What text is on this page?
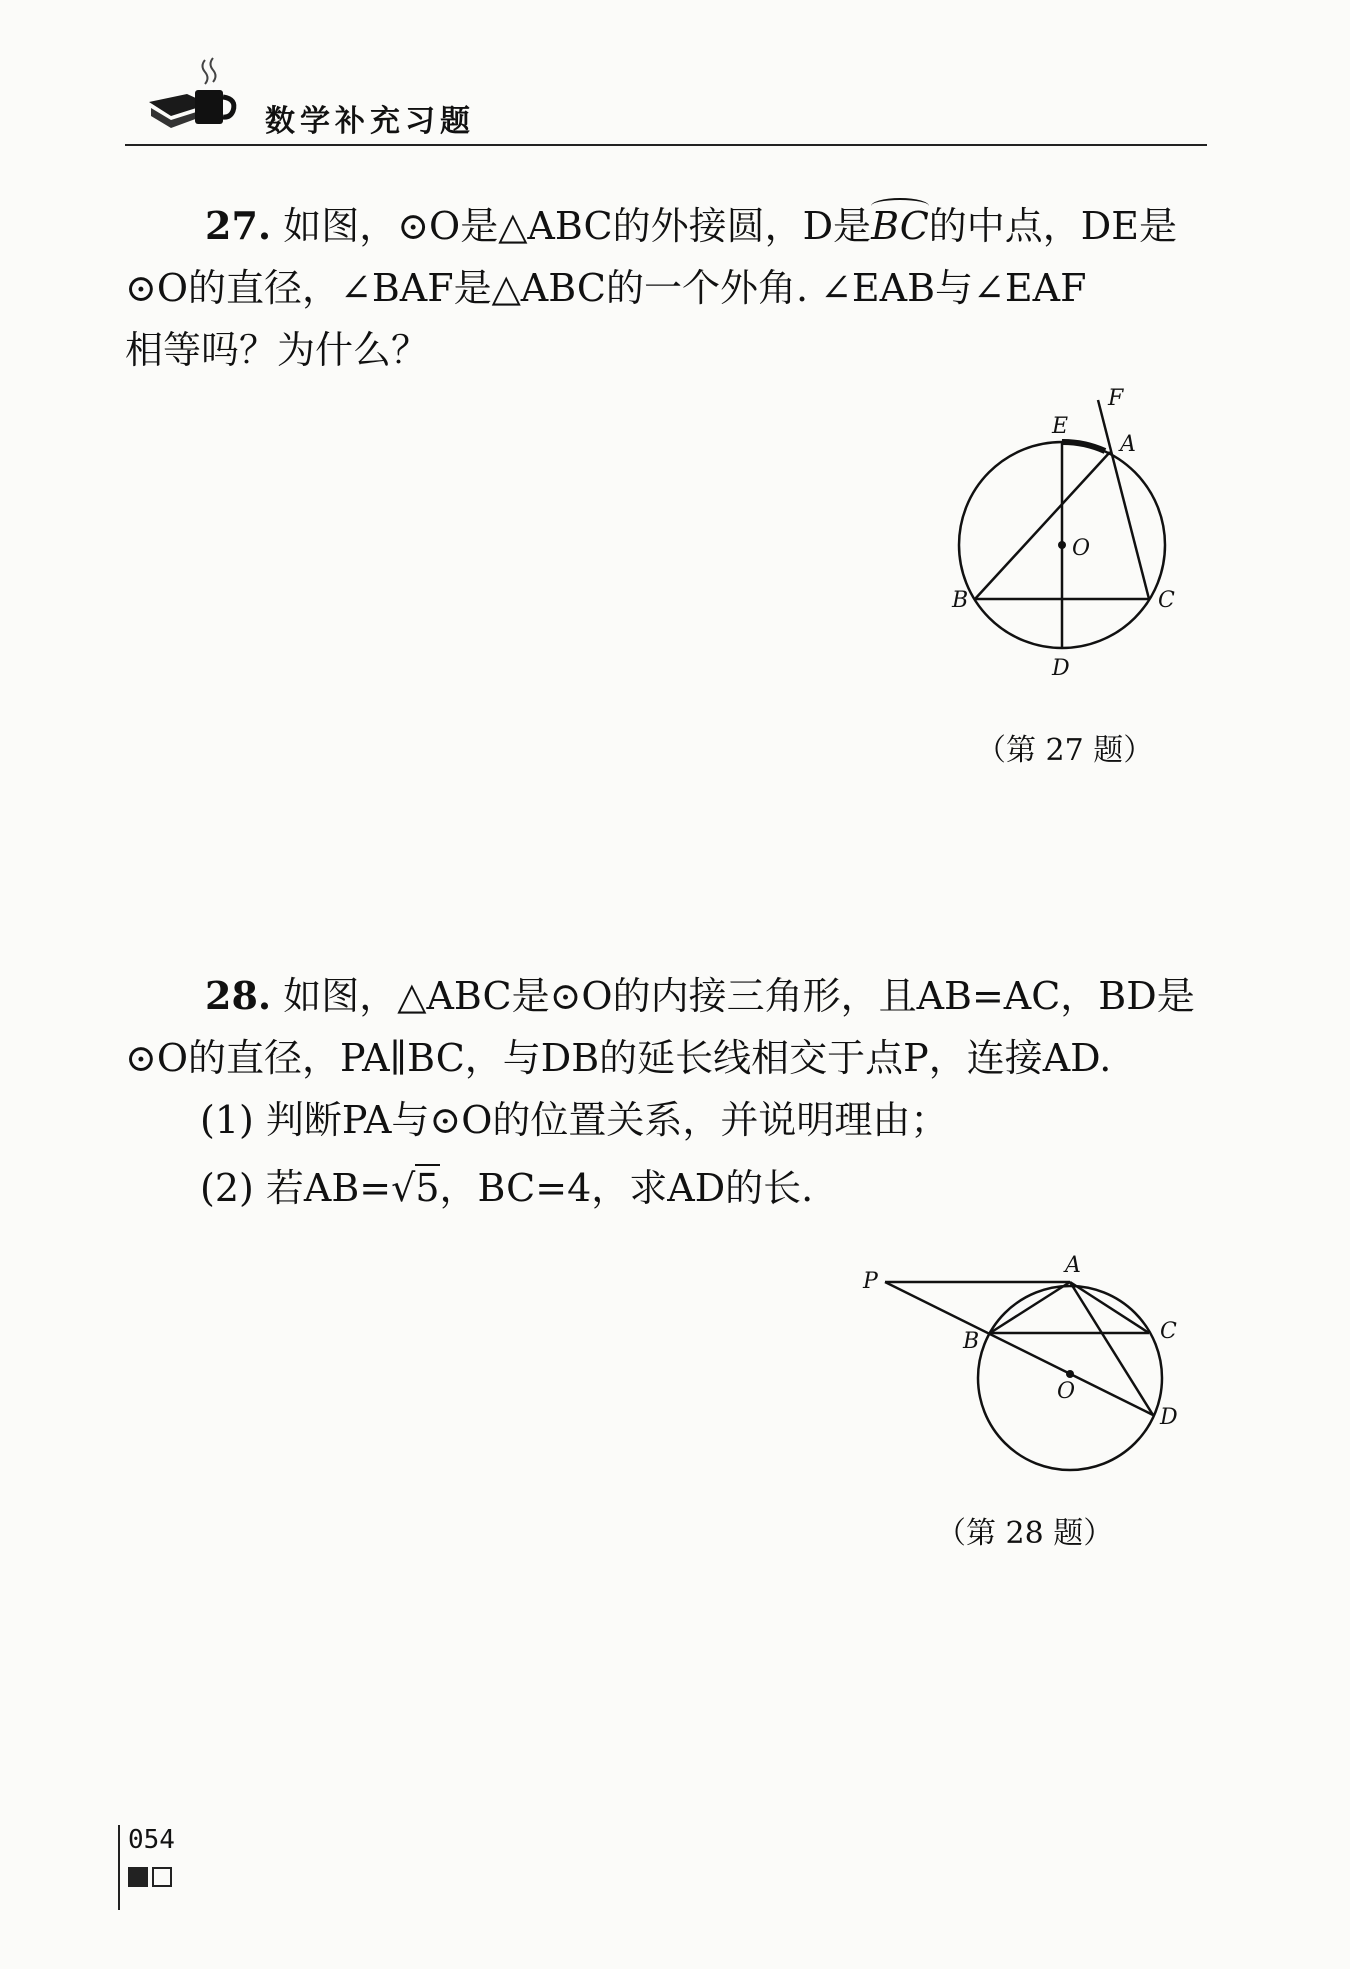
数学补充习题

27. 如图，⊙O是△ABC的外接圆，D是
BC的中点，DE是

⊙O的直径，∠BAF是△ABC的一个外角. ∠EAB与∠EAF

相等吗？为什么？

E
F
A
O
B	C
D
（第 27 题）

28. 如图，△ABC是⊙O的内接三角形，且AB=AC，BD是

⊙O的直径，PA∥BC，与DB的延长线相交于点P，连接AD.

(1) 判断PA与⊙O的位置关系，并说明理由；
(2) 若AB=√5，BC=4，求AD的长.
P
A
B	C
O
D
（第 28 题）
054
